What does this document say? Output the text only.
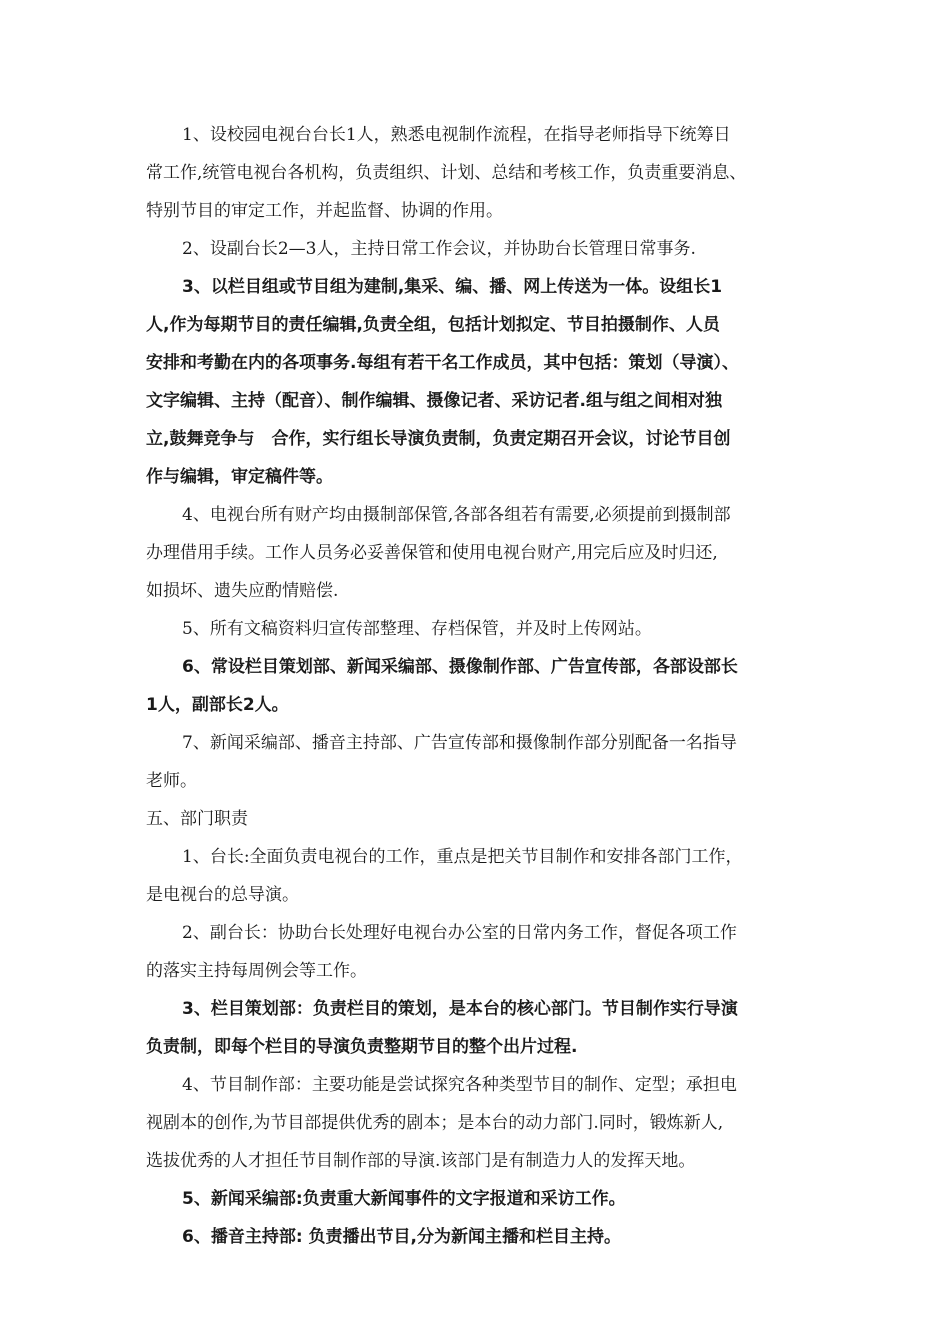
1、设校园电视台台长1人，熟悉电视制作流程，在指导老师指导下统筹日
常工作,统管电视台各机构，负责组织、计划、总结和考核工作，负责重要消息、
特别节目的审定工作，并起监督、协调的作用。
2、设副台长2—3人，主持日常工作会议，并协助台长管理日常事务.
3、以栏目组或节目组为建制,集采、编、播、网上传送为一体。设组长1
人,作为每期节目的责任编辑,负责全组，包括计划拟定、节目拍摄制作、人员
安排和考勤在内的各项事务.每组有若干名工作成员，其中包括：策划（导演）、
文字编辑、主持（配音）、制作编辑、摄像记者、采访记者.组与组之间相对独
立,鼓舞竞争与　合作，实行组长导演负责制，负责定期召开会议，讨论节目创
作与编辑，审定稿件等。
4、电视台所有财产均由摄制部保管,各部各组若有需要,必须提前到摄制部
办理借用手续。工作人员务必妥善保管和使用电视台财产,用完后应及时归还,
如损坏、遗失应酌情赔偿.
5、所有文稿资料归宣传部整理、存档保管，并及时上传网站。
6、常设栏目策划部、新闻采编部、摄像制作部、广告宣传部，各部设部长
1人，副部长2人。
7、新闻采编部、播音主持部、广告宣传部和摄像制作部分别配备一名指导
老师。
五、部门职责
1、台长:全面负责电视台的工作，重点是把关节目制作和安排各部门工作，
是电视台的总导演。
2、副台长：协助台长处理好电视台办公室的日常内务工作，督促各项工作
的落实主持每周例会等工作。
3、栏目策划部：负责栏目的策划，是本台的核心部门。节目制作实行导演
负责制，即每个栏目的导演负责整期节目的整个出片过程.
4、节目制作部：主要功能是尝试探究各种类型节目的制作、定型；承担电
视剧本的创作,为节目部提供优秀的剧本；是本台的动力部门.同时，锻炼新人,
选拔优秀的人才担任节目制作部的导演.该部门是有制造力人的发挥天地。
5、新闻采编部:负责重大新闻事件的文字报道和采访工作。
6、播音主持部: 负责播出节目,分为新闻主播和栏目主持。
